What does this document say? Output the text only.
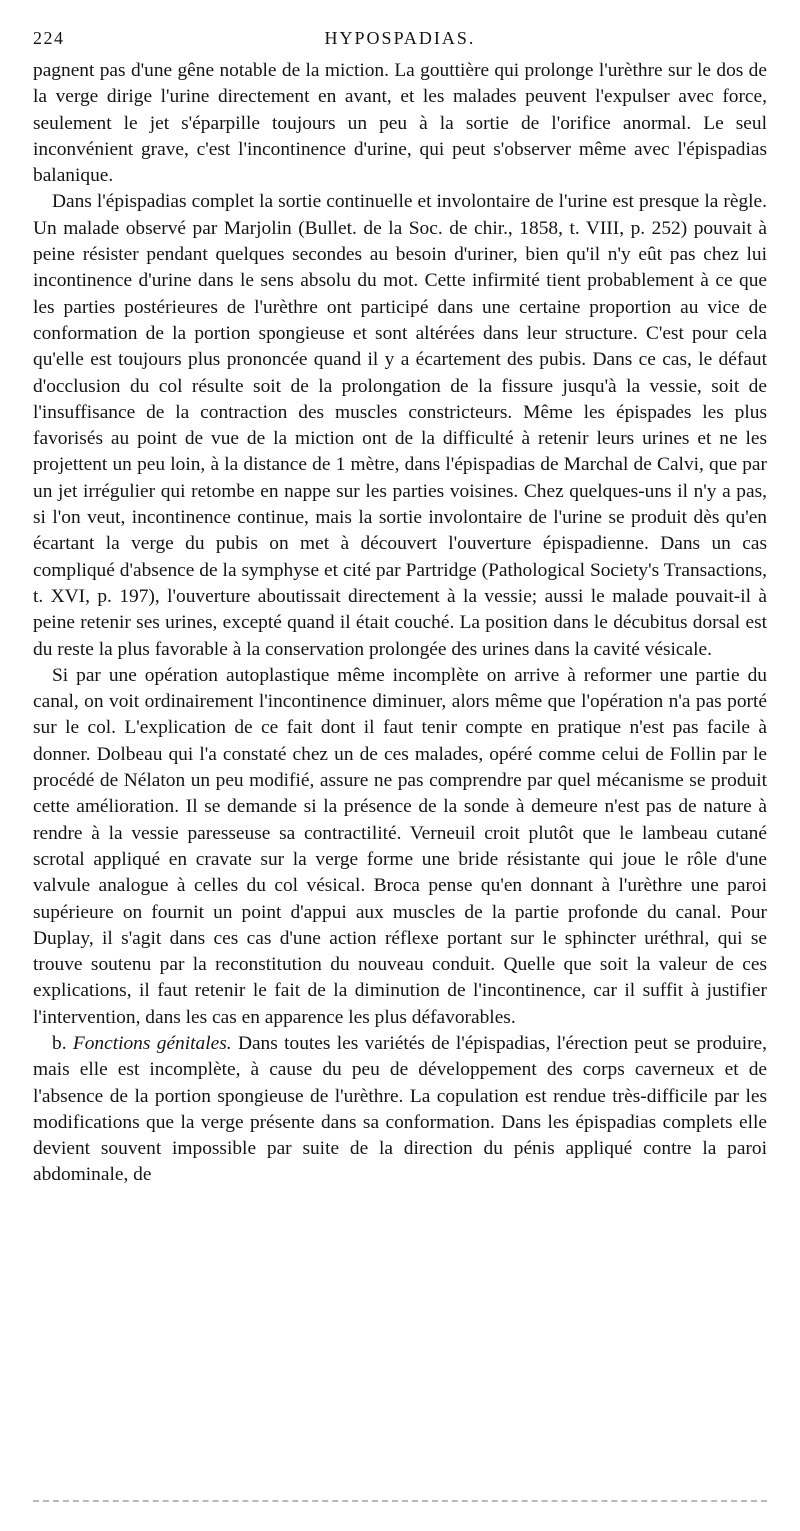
224	HYPOSPADIAS.

pagnent pas d'une gêne notable de la miction. La gouttière qui prolonge l'urèthre sur le dos de la verge dirige l'urine directement en avant, et les malades peuvent l'expulser avec force, seulement le jet s'éparpille toujours un peu à la sortie de l'orifice anormal. Le seul inconvénient grave, c'est l'incontinence d'urine, qui peut s'observer même avec l'épispadias balanique.

Dans l'épispadias complet la sortie continuelle et involontaire de l'urine est presque la règle. Un malade observé par Marjolin (Bullet. de la Soc. de chir., 1858, t. VIII, p. 252) pouvait à peine résister pendant quelques secondes au besoin d'uriner, bien qu'il n'y eût pas chez lui incontinence d'urine dans le sens absolu du mot. Cette infirmité tient probablement à ce que les parties postérieures de l'urèthre ont participé dans une certaine proportion au vice de conformation de la portion spongieuse et sont altérées dans leur structure. C'est pour cela qu'elle est toujours plus prononcée quand il y a écartement des pubis. Dans ce cas, le défaut d'occlusion du col résulte soit de la prolongation de la fissure jusqu'à la vessie, soit de l'insuffisance de la contraction des muscles constricteurs. Même les épispades les plus favorisés au point de vue de la miction ont de la difficulté à retenir leurs urines et ne les projettent un peu loin, à la distance de 1 mètre, dans l'épispadias de Marchal de Calvi, que par un jet irrégulier qui retombe en nappe sur les parties voisines. Chez quelques-uns il n'y a pas, si l'on veut, incontinence continue, mais la sortie involontaire de l'urine se produit dès qu'en écartant la verge du pubis on met à découvert l'ouverture épispadienne. Dans un cas compliqué d'absence de la symphyse et cité par Partridge (Pathological Society's Transactions, t. XVI, p. 197), l'ouverture aboutissait directement à la vessie; aussi le malade pouvait-il à peine retenir ses urines, excepté quand il était couché. La position dans le décubitus dorsal est du reste la plus favorable à la conservation prolongée des urines dans la cavité vésicale.

Si par une opération autoplastique même incomplète on arrive à reformer une partie du canal, on voit ordinairement l'incontinence diminuer, alors même que l'opération n'a pas porté sur le col. L'explication de ce fait dont il faut tenir compte en pratique n'est pas facile à donner. Dolbeau qui l'a constaté chez un de ces malades, opéré comme celui de Follin par le procédé de Nélaton un peu modifié, assure ne pas comprendre par quel mécanisme se produit cette amélioration. Il se demande si la présence de la sonde à demeure n'est pas de nature à rendre à la vessie paresseuse sa contractilité. Verneuil croit plutôt que le lambeau cutané scrotal appliqué en cravate sur la verge forme une bride résistante qui joue le rôle d'une valvule analogue à celles du col vésical. Broca pense qu'en donnant à l'urèthre une paroi supérieure on fournit un point d'appui aux muscles de la partie profonde du canal. Pour Duplay, il s'agit dans ces cas d'une action réflexe portant sur le sphincter uréthral, qui se trouve soutenu par la reconstitution du nouveau conduit. Quelle que soit la valeur de ces explications, il faut retenir le fait de la diminution de l'incontinence, car il suffit à justifier l'intervention, dans les cas en apparence les plus défavorables.

b. Fonctions génitales. Dans toutes les variétés de l'épispadias, l'érection peut se produire, mais elle est incomplète, à cause du peu de développement des corps caverneux et de l'absence de la portion spongieuse de l'urèthre. La copulation est rendue très-difficile par les modifications que la verge présente dans sa conformation. Dans les épispadias complets elle devient souvent impossible par suite de la direction du pénis appliqué contre la paroi abdominale, de
